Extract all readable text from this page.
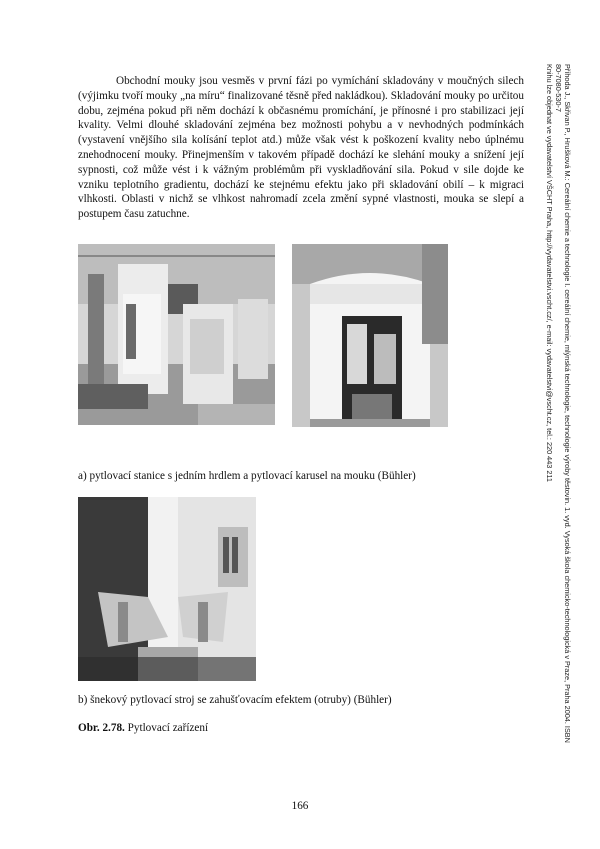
Obchodní mouky jsou vesměs v první fázi po vymíchání skladovány v moučných silech (výjimku tvoří mouky „na míru“ finalizované těsně před nakládkou). Skladování mouky po určitou dobu, zejména pokud při něm dochází k občasnému promíchání, je přínosné i pro stabilizaci její kvality. Velmi dlouhé skladování zejména bez možnosti pohybu a v nevhodných podmínkách (vystavení vnějšího sila kolísání teplot atd.) může však vést k poškození kvality nebo úplnému znehodnocení mouky. Přinejmenším v takovém případě dochází ke slehání mouky a snížení její sypnosti, což může vést i k vážným problémům při vyskladňování sila. Pokud v sile dojde ke vzniku teplotního gradientu, dochází ke stejnému efektu jako při skladování obilí – k migraci vlhkosti. Oblasti v nichž se vlhkost nahromadí zcela změní sypné vlastnosti, mouka se slepí a postupem času zatuchne.

a) pytlovací stanice s jedním hrdlem a pytlovací karusel na mouku (Bühler)

b) šnekový pytlovací stroj se zahušťovacím efektem (otruby) (Bühler)

Obr. 2.78. Pytlovací zařízení
166
Příhoda J., Skřivan P., Hrušková M.: Cereální chemie a technologie I. cereální chemie, mlýnská technologie, technologie výroby těstovin. 1. vyd. Vysoká škola chemicko-technologická v Praze, Praha 2004. ISBN
80-7080-530-7
Knihu lze objednat ve vydavatelství VŠCHT Praha, http://vydavatelstvi.vscht.cz/, e-mail: vydavatelstvi@vscht.cz, tel.: 220 443 211
